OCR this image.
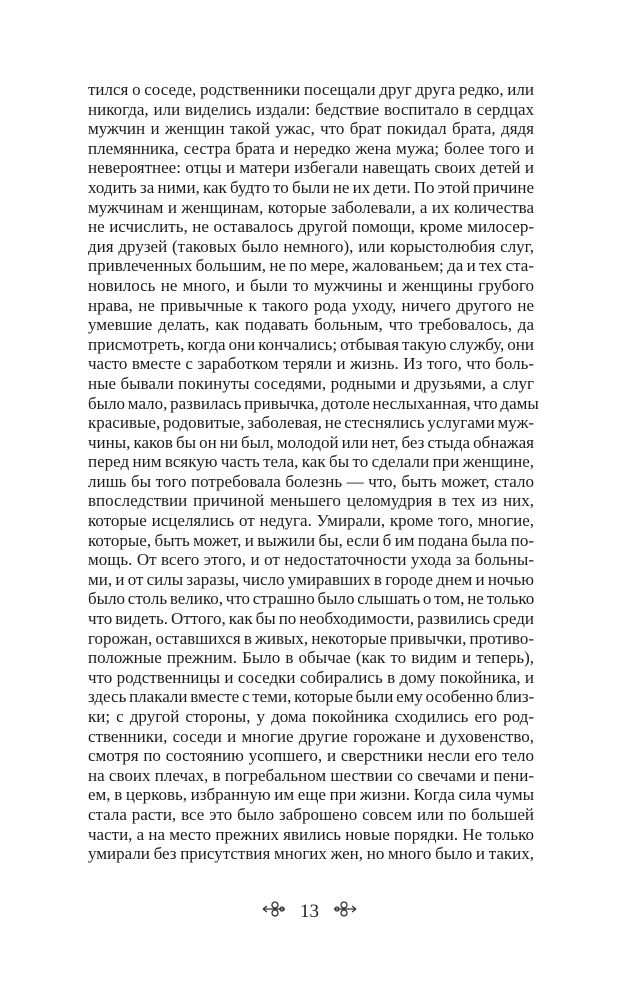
тился о соседе, родственники посещали друг друга редко, или
никогда, или виделись издали: бедствие воспитало в сердцах
мужчин и женщин такой ужас, что брат покидал брата, дядя
племянника, сестра брата и нередко жена мужа; более того и
невероятнее: отцы и матери избегали навещать своих детей и
ходить за ними, как будто то были не их дети. По этой причине
мужчинам и женщинам, которые заболевали, а их количества
не исчислить, не оставалось другой помощи, кроме милосер-
дия друзей (таковых было немного), или корыстолюбия слуг,
привлеченных большим, не по мере, жалованьем; да и тех ста-
новилось не много, и были то мужчины и женщины грубого
нрава, не привычные к такого рода уходу, ничего другого не
умевшие делать, как подавать больным, что требовалось, да
присмотреть, когда они кончались; отбывая такую службу, они
часто вместе с заработком теряли и жизнь. Из того, что боль-
ные бывали покинуты соседями, родными и друзьями, а слуг
было мало, развилась привычка, дотоле неслыханная, что дамы
красивые, родовитые, заболевая, не стеснялись услугами муж-
чины, каков бы он ни был, молодой или нет, без стыда обнажая
перед ним всякую часть тела, как бы то сделали при женщине,
лишь бы того потребовала болезнь — что, быть может, стало
впоследствии причиной меньшего целомудрия в тех из них,
которые исцелялись от недуга. Умирали, кроме того, многие,
которые, быть может, и выжили бы, если б им подана была по-
мощь. От всего этого, и от недостаточности ухода за больны-
ми, и от силы заразы, число умиравших в городе днем и ночью
было столь велико, что страшно было слышать о том, не только
что видеть. Оттого, как бы по необходимости, развились среди
горожан, оставшихся в живых, некоторые привычки, противо-
положные прежним. Было в обычае (как то видим и теперь),
что родственницы и соседки собирались в дому покойника, и
здесь плакали вместе с теми, которые были ему особенно близ-
ки; с другой стороны, у дома покойника сходились его род-
ственники, соседи и многие другие горожане и духовенство,
смотря по состоянию усопшего, и сверстники несли его тело
на своих плечах, в погребальном шествии со свечами и пени-
ем, в церковь, избранную им еще при жизни. Когда сила чумы
стала расти, все это было заброшено совсем или по большей
части, а на место прежних явились новые порядки. Не только
умирали без присутствия многих жен, но много было и таких,
13
